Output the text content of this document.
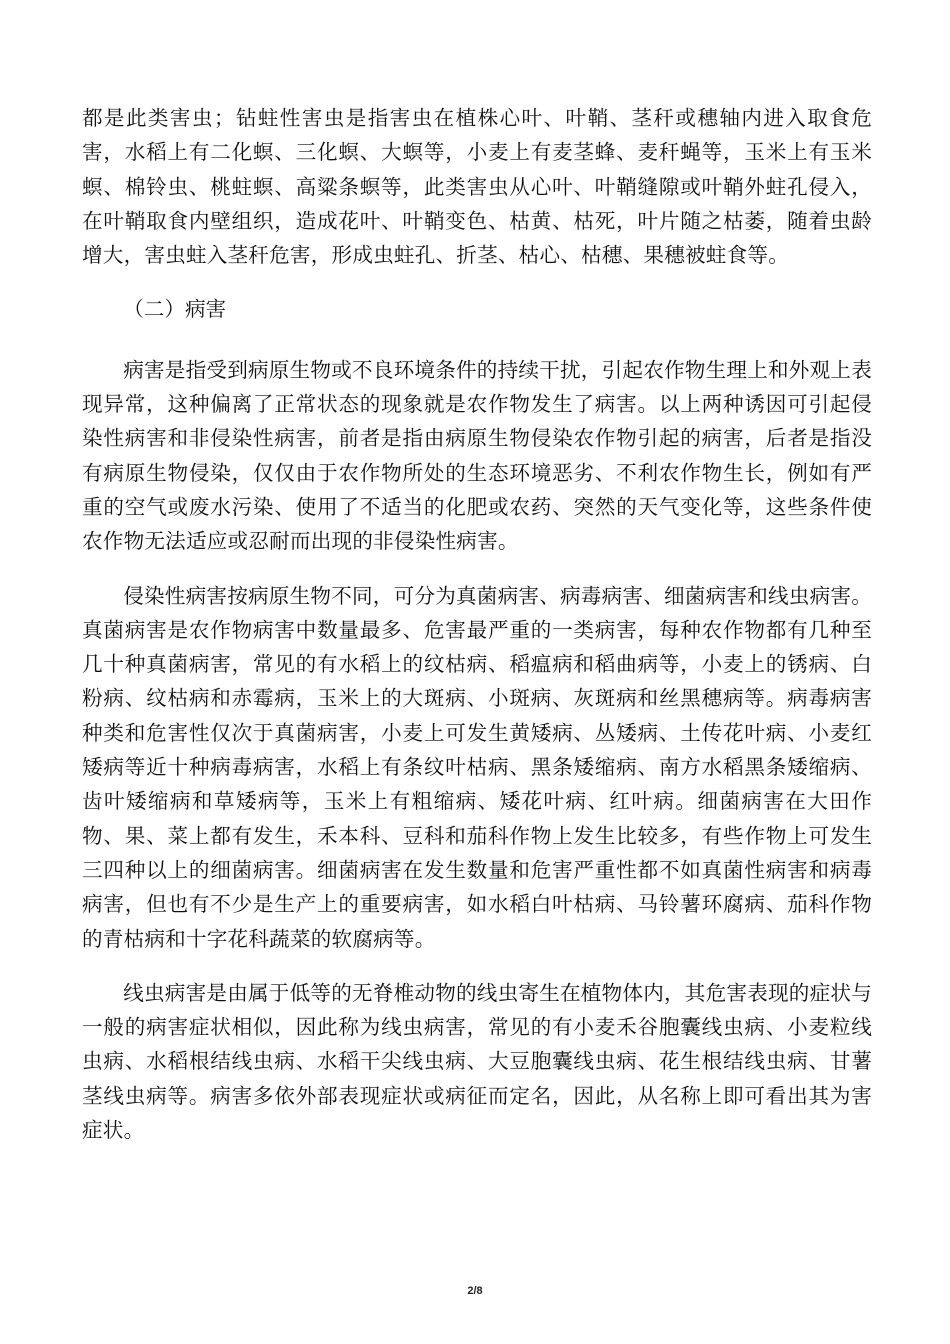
都是此类害虫；钻蛀性害虫是指害虫在植株心叶、叶鞘、茎秆或穗轴内进入取食危害，水稻上有二化螟、三化螟、大螟等，小麦上有麦茎蜂、麦秆蝇等，玉米上有玉米螟、棉铃虫、桃蛀螟、高粱条螟等，此类害虫从心叶、叶鞘缝隙或叶鞘外蛀孔侵入，在叶鞘取食内壁组织，造成花叶、叶鞘变色、枯黄、枯死，叶片随之枯萎，随着虫龄增大，害虫蛀入茎秆危害，形成虫蛀孔、折茎、枯心、枯穗、果穗被蛀食等。

（二）病害

病害是指受到病原生物或不良环境条件的持续干扰，引起农作物生理上和外观上表现异常，这种偏离了正常状态的现象就是农作物发生了病害。以上两种诱因可引起侵染性病害和非侵染性病害，前者是指由病原生物侵染农作物引起的病害，后者是指没有病原生物侵染，仅仅由于农作物所处的生态环境恶劣、不利农作物生长，例如有严重的空气或废水污染、使用了不适当的化肥或农药、突然的天气变化等，这些条件使农作物无法适应或忍耐而出现的非侵染性病害。

侵染性病害按病原生物不同，可分为真菌病害、病毒病害、细菌病害和线虫病害。真菌病害是农作物病害中数量最多、危害最严重的一类病害，每种农作物都有几种至几十种真菌病害，常见的有水稻上的纹枯病、稻瘟病和稻曲病等，小麦上的锈病、白粉病、纹枯病和赤霉病，玉米上的大斑病、小斑病、灰斑病和丝黑穗病等。病毒病害种类和危害性仅次于真菌病害，小麦上可发生黄矮病、丛矮病、土传花叶病、小麦红矮病等近十种病毒病害，水稻上有条纹叶枯病、黑条矮缩病、南方水稻黑条矮缩病、齿叶矮缩病和草矮病等，玉米上有粗缩病、矮花叶病、红叶病。细菌病害在大田作物、果、菜上都有发生，禾本科、豆科和茄科作物上发生比较多，有些作物上可发生三四种以上的细菌病害。细菌病害在发生数量和危害严重性都不如真菌性病害和病毒病害，但也有不少是生产上的重要病害，如水稻白叶枯病、马铃薯环腐病、茄科作物的青枯病和十字花科蔬菜的软腐病等。

线虫病害是由属于低等的无脊椎动物的线虫寄生在植物体内，其危害表现的症状与一般的病害症状相似，因此称为线虫病害，常见的有小麦禾谷胞囊线虫病、小麦粒线虫病、水稻根结线虫病、水稻干尖线虫病、大豆胞囊线虫病、花生根结线虫病、甘薯茎线虫病等。病害多依外部表现症状或病征而定名，因此，从名称上即可看出其为害症状。

2/8
